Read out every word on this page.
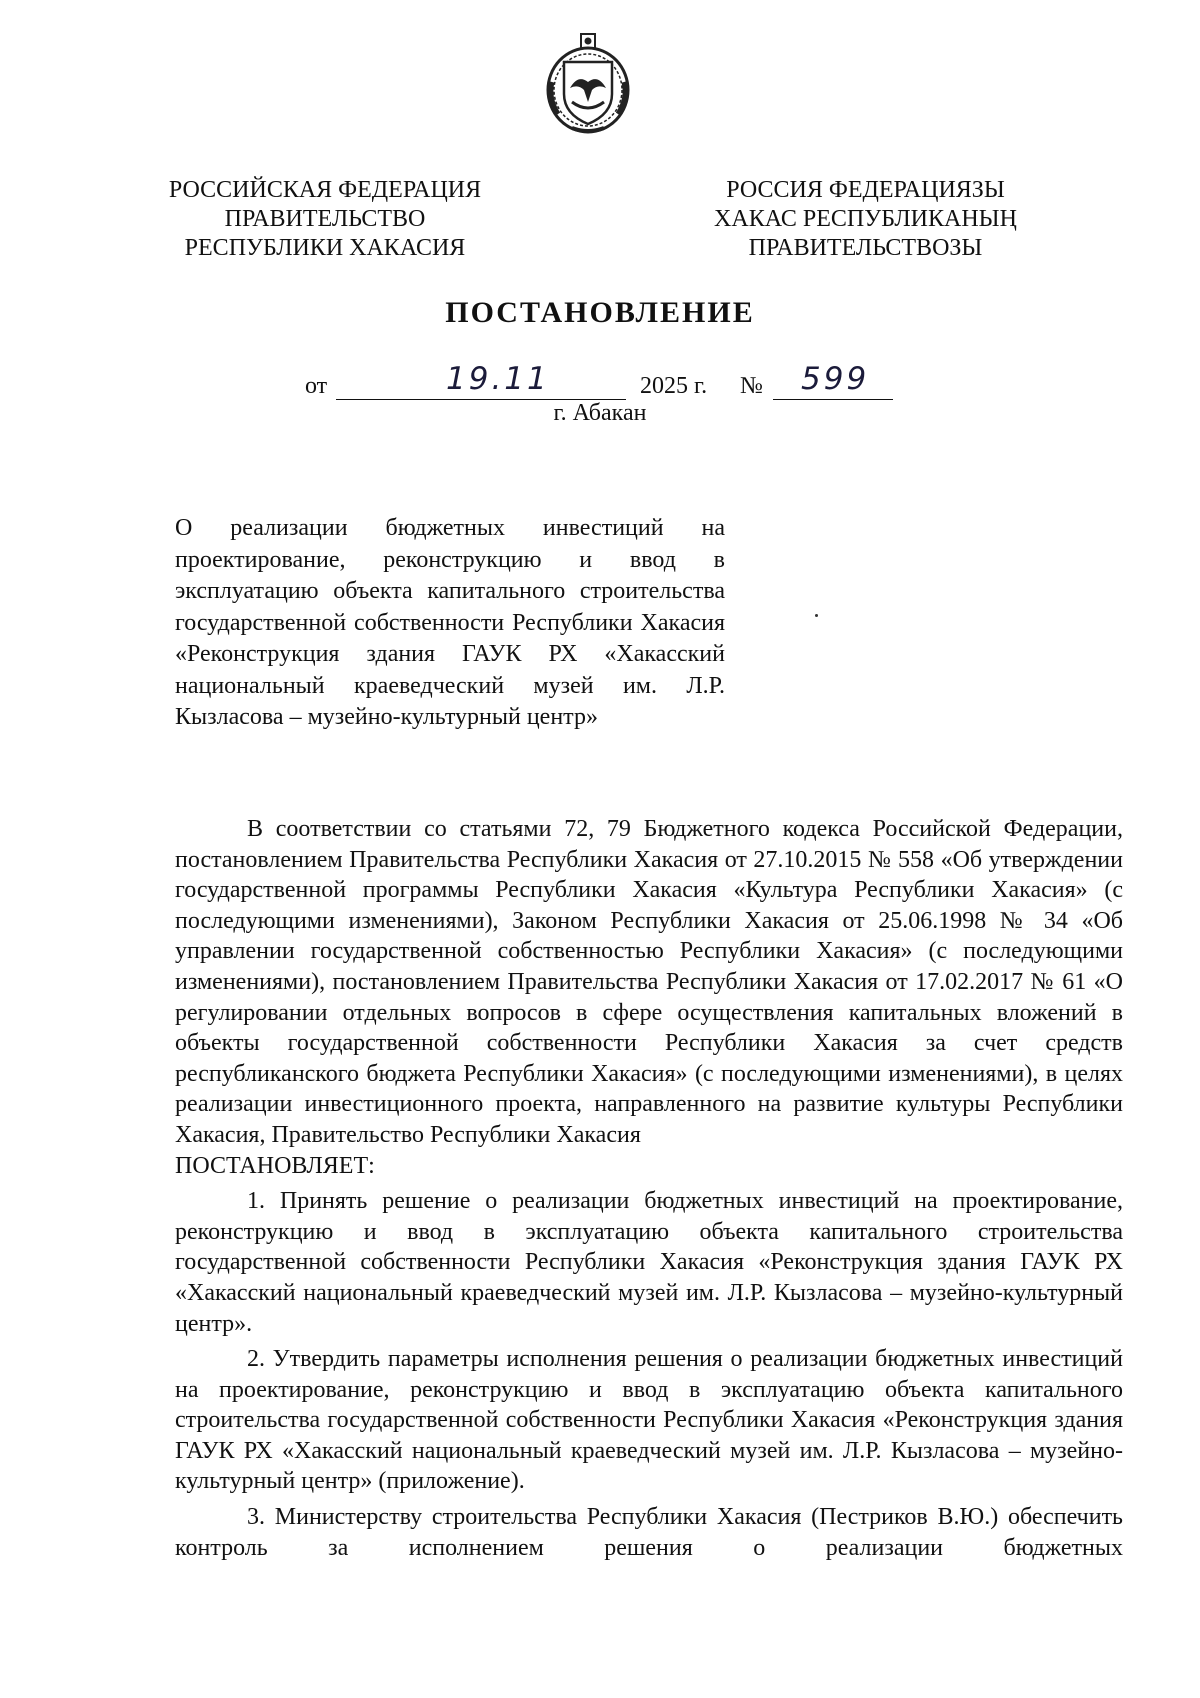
РОССИЙСКАЯ ФЕДЕРАЦИЯ
ПРАВИТЕЛЬСТВО
РЕСПУБЛИКИ ХАКАСИЯ
РОССИЯ ФЕДЕРАЦИЯЗЫ
ХАКАС РЕСПУБЛИКАНЫҢ
ПРАВИТЕЛЬСТВОЗЫ
ПОСТАНОВЛЕНИЕ
от	19.11	2025 г. № 599
г. Абакан
О реализации бюджетных инвестиций на проектирование, реконструкцию и ввод в эксплуатацию объекта капитального строительства государственной собственности Республики Хакасия «Реконструкция здания ГАУК РХ «Хакасский национальный краеведческий музей им. Л.Р. Кызласова – музейно-культурный центр»

В соответствии со статьями 72, 79 Бюджетного кодекса Российской Федерации, постановлением Правительства Республики Хакасия от 27.10.2015 № 558 «Об утверждении государственной программы Республики Хакасия «Культура Республики Хакасия» (с последующими изменениями), Законом Республики Хакасия от 25.06.1998 № 34 «Об управлении государственной собственностью Республики Хакасия» (с последующими изменениями), постановлением Правительства Республики Хакасия от 17.02.2017 № 61 «О регулировании отдельных вопросов в сфере осуществления капитальных вложений в объекты государственной собственности Республики Хакасия за счет средств республиканского бюджета Республики Хакасия» (с последующими изменениями), в целях реализации инвестиционного проекта, направленного на развитие культуры Республики Хакасия, Правительство Республики Хакасия
ПОСТАНОВЛЯЕТ:

1. Принять решение о реализации бюджетных инвестиций на проектирование, реконструкцию и ввод в эксплуатацию объекта капитального строительства государственной собственности Республики Хакасия «Реконструкция здания ГАУК РХ «Хакасский национальный краеведческий музей им. Л.Р. Кызласова – музейно-культурный центр».

2. Утвердить параметры исполнения решения о реализации бюджетных инвестиций на проектирование, реконструкцию и ввод в эксплуатацию объекта капитального строительства государственной собственности Республики Хакасия «Реконструкция здания ГАУК РХ «Хакасский национальный краеведческий музей им. Л.Р. Кызласова – музейно-культурный центр» (приложение).

3. Министерству строительства Республики Хакасия (Пестриков В.Ю.) обеспечить контроль за исполнением решения о реализации бюджетных
